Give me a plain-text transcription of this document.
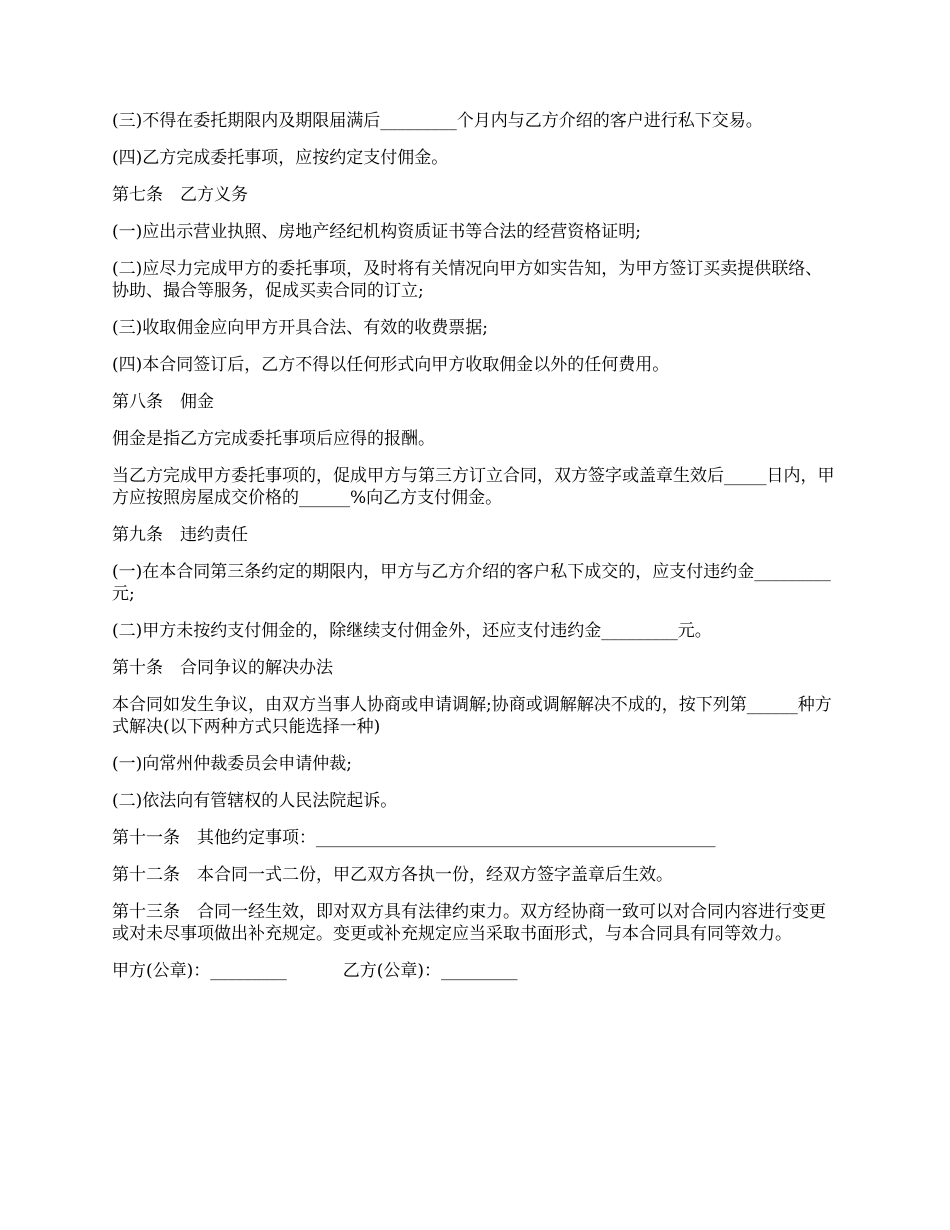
(三)不得在委托期限内及期限届满后_________个月内与乙方介绍的客户进行私下交易。

(四)乙方完成委托事项，应按约定支付佣金。

第七条　乙方义务

(一)应出示营业执照、房地产经纪机构资质证书等合法的经营资格证明;

(二)应尽力完成甲方的委托事项，及时将有关情况向甲方如实告知，为甲方签订买卖提供联络、协助、撮合等服务，促成买卖合同的订立;

(三)收取佣金应向甲方开具合法、有效的收费票据;

(四)本合同签订后，乙方不得以任何形式向甲方收取佣金以外的任何费用。

第八条　佣金

佣金是指乙方完成委托事项后应得的报酬。

当乙方完成甲方委托事项的，促成甲方与第三方订立合同，双方签字或盖章生效后_____日内，甲方应按照房屋成交价格的______%向乙方支付佣金。

第九条　违约责任

(一)在本合同第三条约定的期限内，甲方与乙方介绍的客户私下成交的，应支付违约金_________元;

(二)甲方未按约支付佣金的，除继续支付佣金外，还应支付违约金_________元。

第十条　合同争议的解决办法

本合同如发生争议，由双方当事人协商或申请调解;协商或调解解决不成的，按下列第______种方式解决(以下两种方式只能选择一种)

(一)向常州仲裁委员会申请仲裁;

(二)依法向有管辖权的人民法院起诉。

第十一条　其他约定事项：_______________________________________________

第十二条　本合同一式二份，甲乙双方各执一份，经双方签字盖章后生效。

第十三条　合同一经生效，即对双方具有法律约束力。双方经协商一致可以对合同内容进行变更或对未尽事项做出补充规定。变更或补充规定应当采取书面形式，与本合同具有同等效力。

甲方(公章)：_________	乙方(公章)：_________
